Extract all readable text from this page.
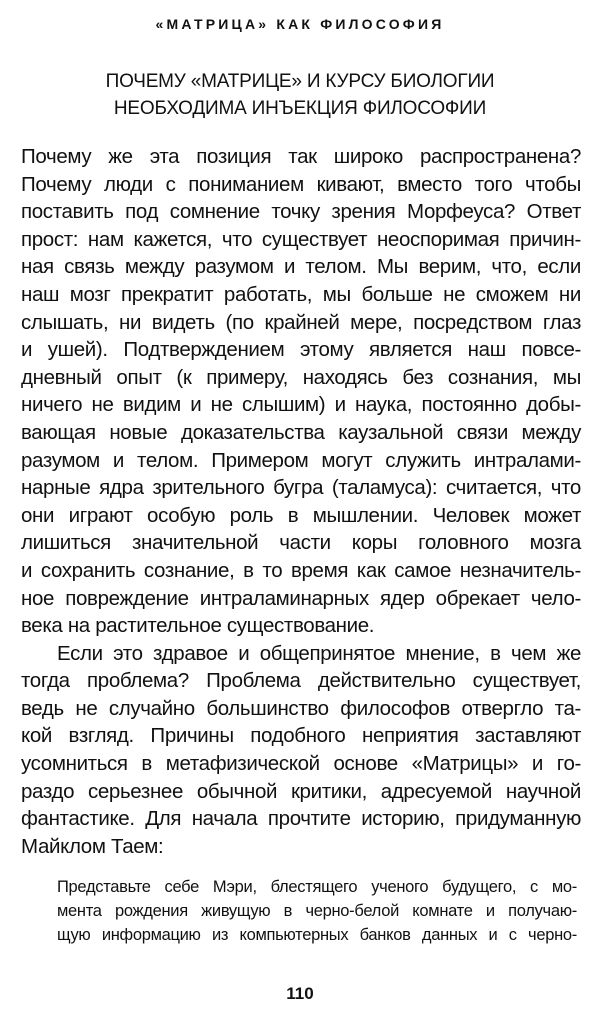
«МАТРИЦА» КАК ФИЛОСОФИЯ
ПОЧЕМУ «МАТРИЦЕ» И КУРСУ БИОЛОГИИ
НЕОБХОДИМА ИНЪЕКЦИЯ ФИЛОСОФИИ
Почему же эта позиция так широко распространена?
Почему люди с пониманием кивают, вместо того чтобы
поставить под сомнение точку зрения Морфеуса? Ответ
прост: нам кажется, что существует неоспоримая причин-
ная связь между разумом и телом. Мы верим, что, если
наш мозг прекратит работать, мы больше не сможем ни
слышать, ни видеть (по крайней мере, посредством глаз
и ушей). Подтверждением этому является наш повсе-
дневный опыт (к примеру, находясь без сознания, мы
ничего не видим и не слышим) и наука, постоянно добы-
вающая новые доказательства каузальной связи между
разумом и телом. Примером могут служить интралами-
нарные ядра зрительного бугра (таламуса): считается, что
они играют особую роль в мышлении. Человек может
лишиться значительной части коры головного мозга
и сохранить сознание, в то время как самое незначитель-
ное повреждение интраламинарных ядер обрекает чело-
века на растительное существование.
Если это здравое и общепринятое мнение, в чем же
тогда проблема? Проблема действительно существует,
ведь не случайно большинство философов отвергло та-
кой взгляд. Причины подобного неприятия заставляют
усомниться в метафизической основе «Матрицы» и го-
раздо серьезнее обычной критики, адресуемой научной
фантастике. Для начала прочтите историю, придуманную
Майклом Таем:
Представьте себе Мэри, блестящего ученого будущего, с мо-
мента рождения живущую в черно-белой комнате и получаю-
щую информацию из компьютерных банков данных и с черно-
110
